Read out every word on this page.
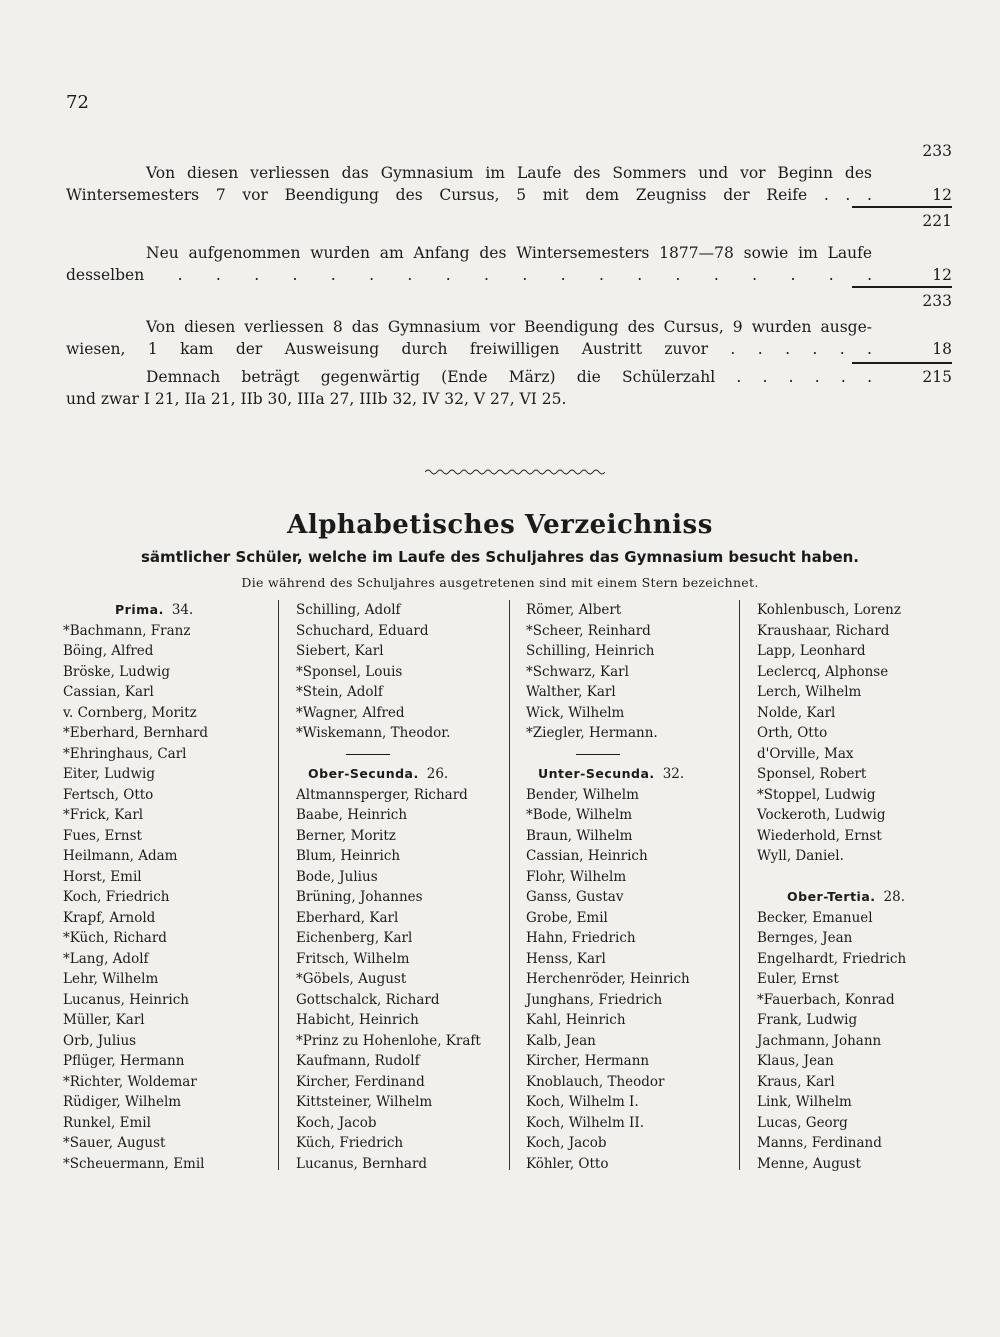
72
233
Von diesen verliessen das Gymnasium im Laufe des Sommers und vor Beginn des
Wintersemesters 7 vor Beendigung des Cursus, 5 mit dem Zeugniss der Reife . . .	12
221
Neu aufgenommen wurden am Anfang des Wintersemesters 1877—78 sowie im Laufe
desselben . . . . . . . . . . . . . . . . . . .	12
233
Von diesen verliessen 8 das Gymnasium vor Beendigung des Cursus, 9 wurden ausge-
wiesen, 1 kam der Ausweisung durch freiwilligen Austritt zuvor . . . . . .	18
Demnach beträgt gegenwärtig (Ende März) die Schülerzahl . . . . . .	215
und zwar I 21, IIa 21, IIb 30, IIIa 27, IIIb 32, IV 32, V 27, VI 25.
Alphabetisches Verzeichniss
sämtlicher Schüler, welche im Laufe des Schuljahres das Gymnasium besucht haben.
Die während des Schuljahres ausgetretenen sind mit einem Stern bezeichnet.
Prima. 34.
*Bachmann, Franz
Böing, Alfred
Bröske, Ludwig
Cassian, Karl
v. Cornberg, Moritz
*Eberhard, Bernhard
*Ehringhaus, Carl
Eiter, Ludwig
Fertsch, Otto
*Frick, Karl
Fues, Ernst
Heilmann, Adam
Horst, Emil
Koch, Friedrich
Krapf, Arnold
*Küch, Richard
*Lang, Adolf
Lehr, Wilhelm
Lucanus, Heinrich
Müller, Karl
Orb, Julius
Pflüger, Hermann
*Richter, Woldemar
Rüdiger, Wilhelm
Runkel, Emil
*Sauer, August
*Scheuermann, Emil
Schilling, Adolf
Schuchard, Eduard
Siebert, Karl
*Sponsel, Louis
*Stein, Adolf
*Wagner, Alfred
*Wiskemann, Theodor.
Ober-Secunda. 26.
Altmannsperger, Richard
Baabe, Heinrich
Berner, Moritz
Blum, Heinrich
Bode, Julius
Brüning, Johannes
Eberhard, Karl
Eichenberg, Karl
Fritsch, Wilhelm
*Göbels, August
Gottschalck, Richard
Habicht, Heinrich
*Prinz zu Hohenlohe, Kraft
Kaufmann, Rudolf
Kircher, Ferdinand
Kittsteiner, Wilhelm
Koch, Jacob
Küch, Friedrich
Lucanus, Bernhard
Römer, Albert
*Scheer, Reinhard
Schilling, Heinrich
*Schwarz, Karl
Walther, Karl
Wick, Wilhelm
*Ziegler, Hermann.
Unter-Secunda. 32.
Bender, Wilhelm
*Bode, Wilhelm
Braun, Wilhelm
Cassian, Heinrich
Flohr, Wilhelm
Ganss, Gustav
Grobe, Emil
Hahn, Friedrich
Henss, Karl
Herchenröder, Heinrich
Junghans, Friedrich
Kahl, Heinrich
Kalb, Jean
Kircher, Hermann
Knoblauch, Theodor
Koch, Wilhelm I.
Koch, Wilhelm II.
Koch, Jacob
Köhler, Otto
Kohlenbusch, Lorenz
Kraushaar, Richard
Lapp, Leonhard
Leclercq, Alphonse
Lerch, Wilhelm
Nolde, Karl
Orth, Otto
d'Orville, Max
Sponsel, Robert
*Stoppel, Ludwig
Vockeroth, Ludwig
Wiederhold, Ernst
Wyll, Daniel.
Ober-Tertia. 28.
Becker, Emanuel
Bernges, Jean
Engelhardt, Friedrich
Euler, Ernst
*Fauerbach, Konrad
Frank, Ludwig
Jachmann, Johann
Klaus, Jean
Kraus, Karl
Link, Wilhelm
Lucas, Georg
Manns, Ferdinand
Menne, August
